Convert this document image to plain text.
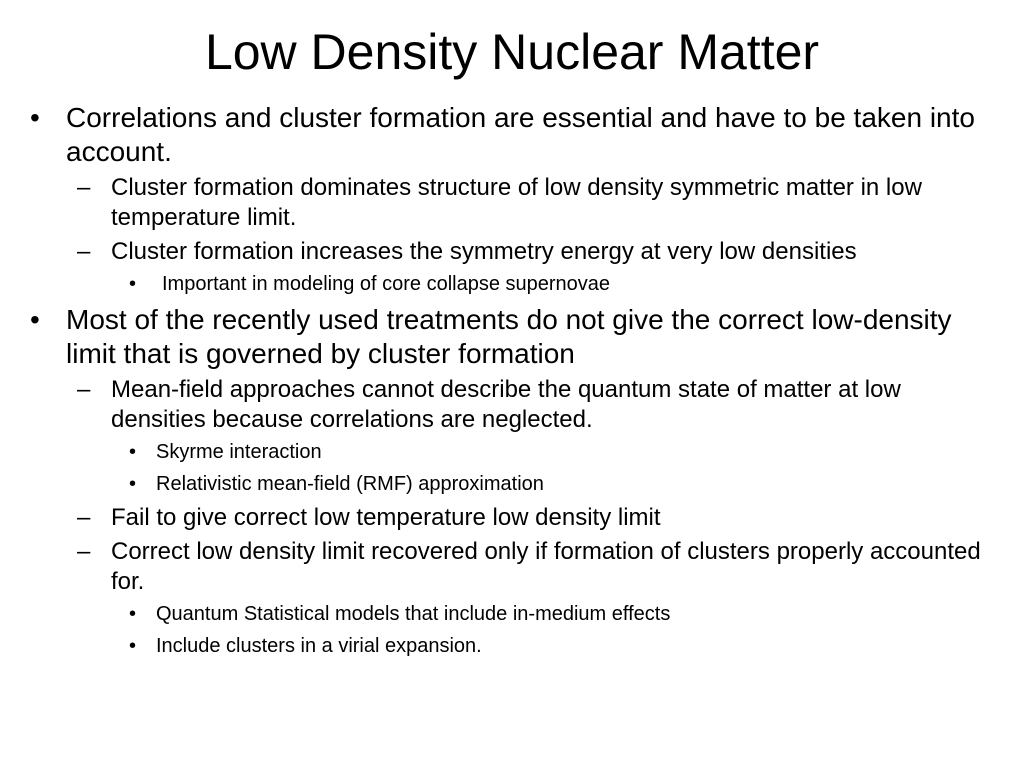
Low Density Nuclear Matter
• Correlations and cluster formation are essential and have to be taken into account.
– Cluster formation dominates structure of low density symmetric matter in low temperature limit.
– Cluster formation increases the symmetry energy at very low densities
• Important in modeling of core collapse supernovae
• Most of the recently used treatments do not give the correct low-density limit that is governed by cluster formation
– Mean-field approaches cannot describe the quantum state of matter at low densities because correlations are neglected.
• Skyrme interaction
• Relativistic mean-field (RMF) approximation
– Fail to give correct low temperature low density limit
– Correct low density limit recovered only if formation of clusters properly accounted for.
• Quantum Statistical models that include in-medium effects
• Include clusters in a virial expansion.
